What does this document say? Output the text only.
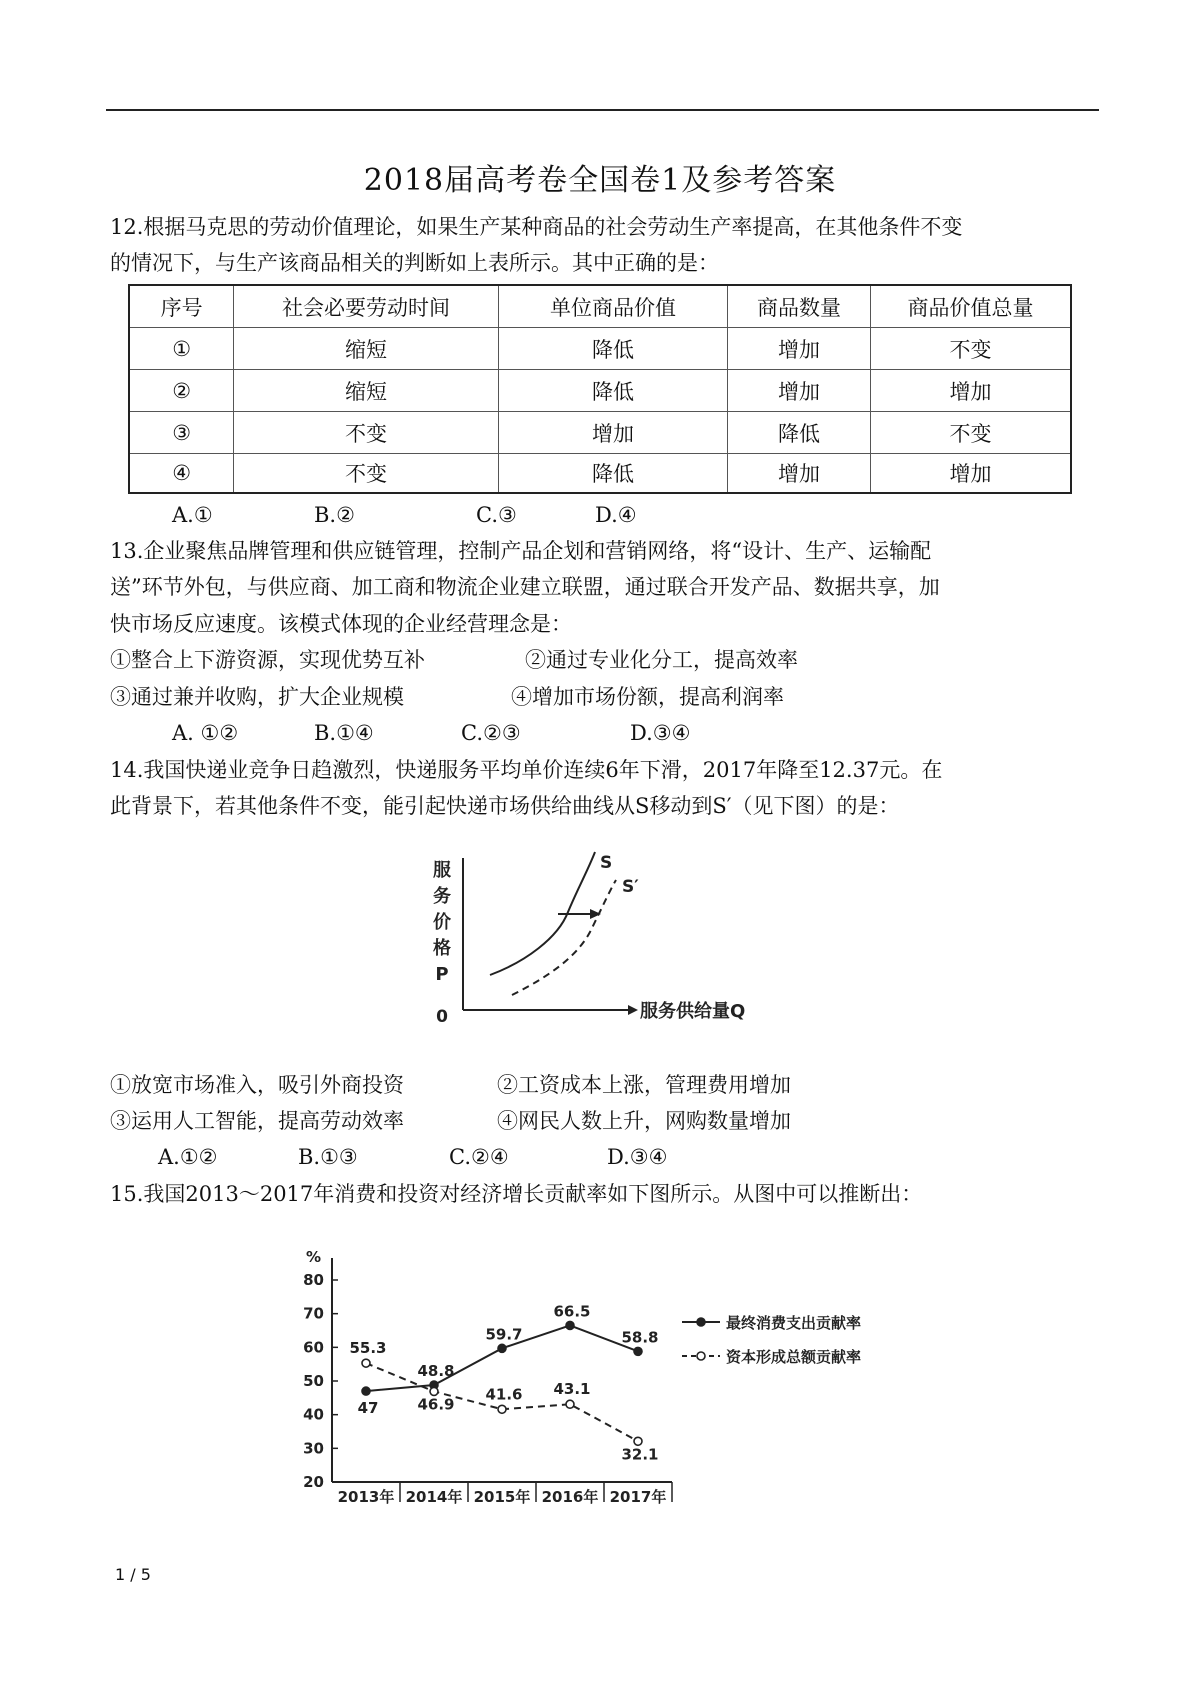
2018届高考卷全国卷1及参考答案
12.根据马克思的劳动价值理论，如果生产某种商品的社会劳动生产率提高，在其他条件不变
的情况下，与生产该商品相关的判断如上表所示。其中正确的是：
序号	社会必要劳动时间	单位商品价值	商品数量	商品价值总量
①	缩短	降低	增加	不变
②	缩短	降低	增加	增加
③	不变	增加	降低	不变
④	不变	降低	增加	增加
A.①	B.②	C.③	D.④
13.企业聚焦品牌管理和供应链管理，控制产品企划和营销网络，将“设计、生产、运输配
送”环节外包，与供应商、加工商和物流企业建立联盟，通过联合开发产品、数据共享，加
快市场反应速度。该模式体现的企业经营理念是：
①整合上下游资源，实现优势互补	②通过专业化分工，提高效率
③通过兼并收购，扩大企业规模	④增加市场份额，提高利润率
A. ①②	B.①④	C.②③	D.③④
14.我国快递业竞争日趋激烈，快递服务平均单价连续6年下滑，2017年降至12.37元。在
此背景下，若其他条件不变，能引起快递市场供给曲线从S移动到S′（见下图）的是：
服
务
价
格
P
0	服务供给量Q
S
S′
①放宽市场准入，吸引外商投资	②工资成本上涨，管理费用增加
③运用人工智能，提高劳动效率	④网民人数上升，网购数量增加
A.①②	B.①③	C.②④	D.③④
15.我国2013～2017年消费和投资对经济增长贡献率如下图所示。从图中可以推断出：
%
20
30
40
50
60
70
80
2013年 2014年 2015年 2016年 2017年
47
48.8
59.7
66.5
58.8
55.3
46.9
41.6 43.1
32.1
最终消费支出贡献率
资本形成总额贡献率
1 / 5
